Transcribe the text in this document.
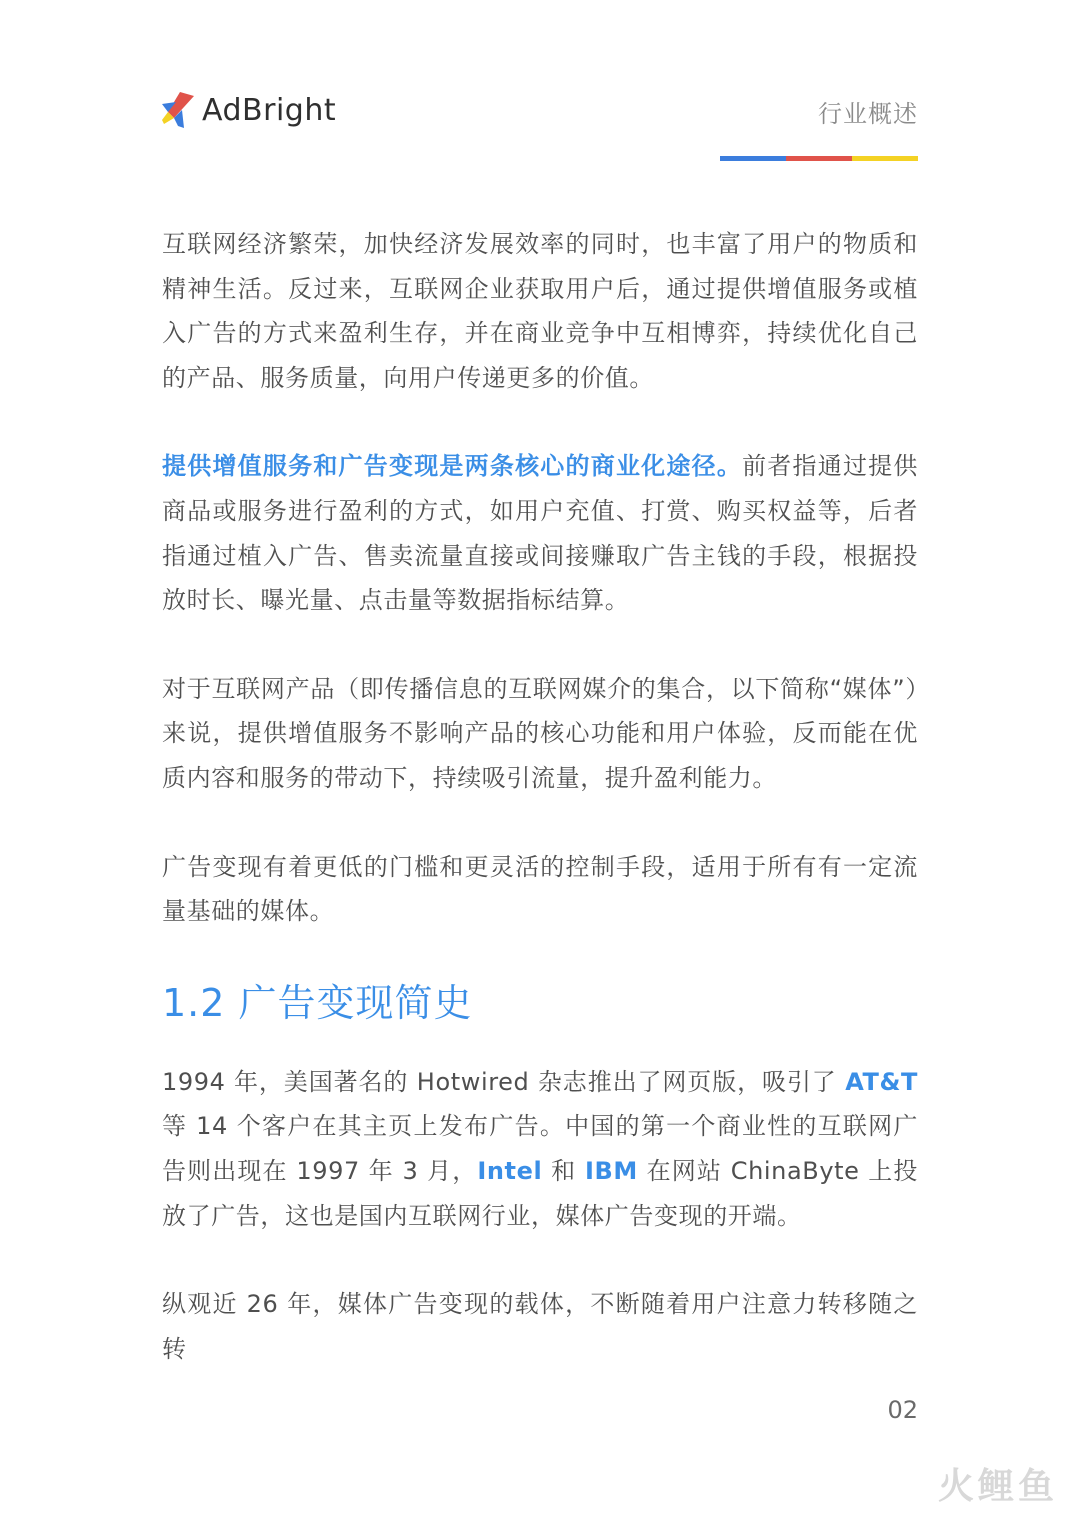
AdBright	行业概述

互联网经济繁荣，加快经济发展效率的同时，也丰富了用户的物质和精神生活。反过来，互联网企业获取用户后，通过提供增值服务或植入广告的方式来盈利生存，并在商业竞争中互相博弈，持续优化自己的产品、服务质量，向用户传递更多的价值。

提供增值服务和广告变现是两条核心的商业化途径。前者指通过提供商品或服务进行盈利的方式，如用户充值、打赏、购买权益等，后者指通过植入广告、售卖流量直接或间接赚取广告主钱的手段，根据投放时长、曝光量、点击量等数据指标结算。

对于互联网产品（即传播信息的互联网媒介的集合，以下简称“媒体”）来说，提供增值服务不影响产品的核心功能和用户体验，反而能在优质内容和服务的带动下，持续吸引流量，提升盈利能力。

广告变现有着更低的门槛和更灵活的控制手段，适用于所有有一定流量基础的媒体。

1.2 广告变现简史

1994 年，美国著名的 Hotwired 杂志推出了网页版，吸引了 AT&T 等 14 个客户在其主页上发布广告。中国的第一个商业性的互联网广告则出现在 1997 年 3 月，Intel 和 IBM 在网站 ChinaByte 上投放了广告，这也是国内互联网行业，媒体广告变现的开端。

纵观近 26 年，媒体广告变现的载体，不断随着用户注意力转移随之转

02
火鲤鱼
